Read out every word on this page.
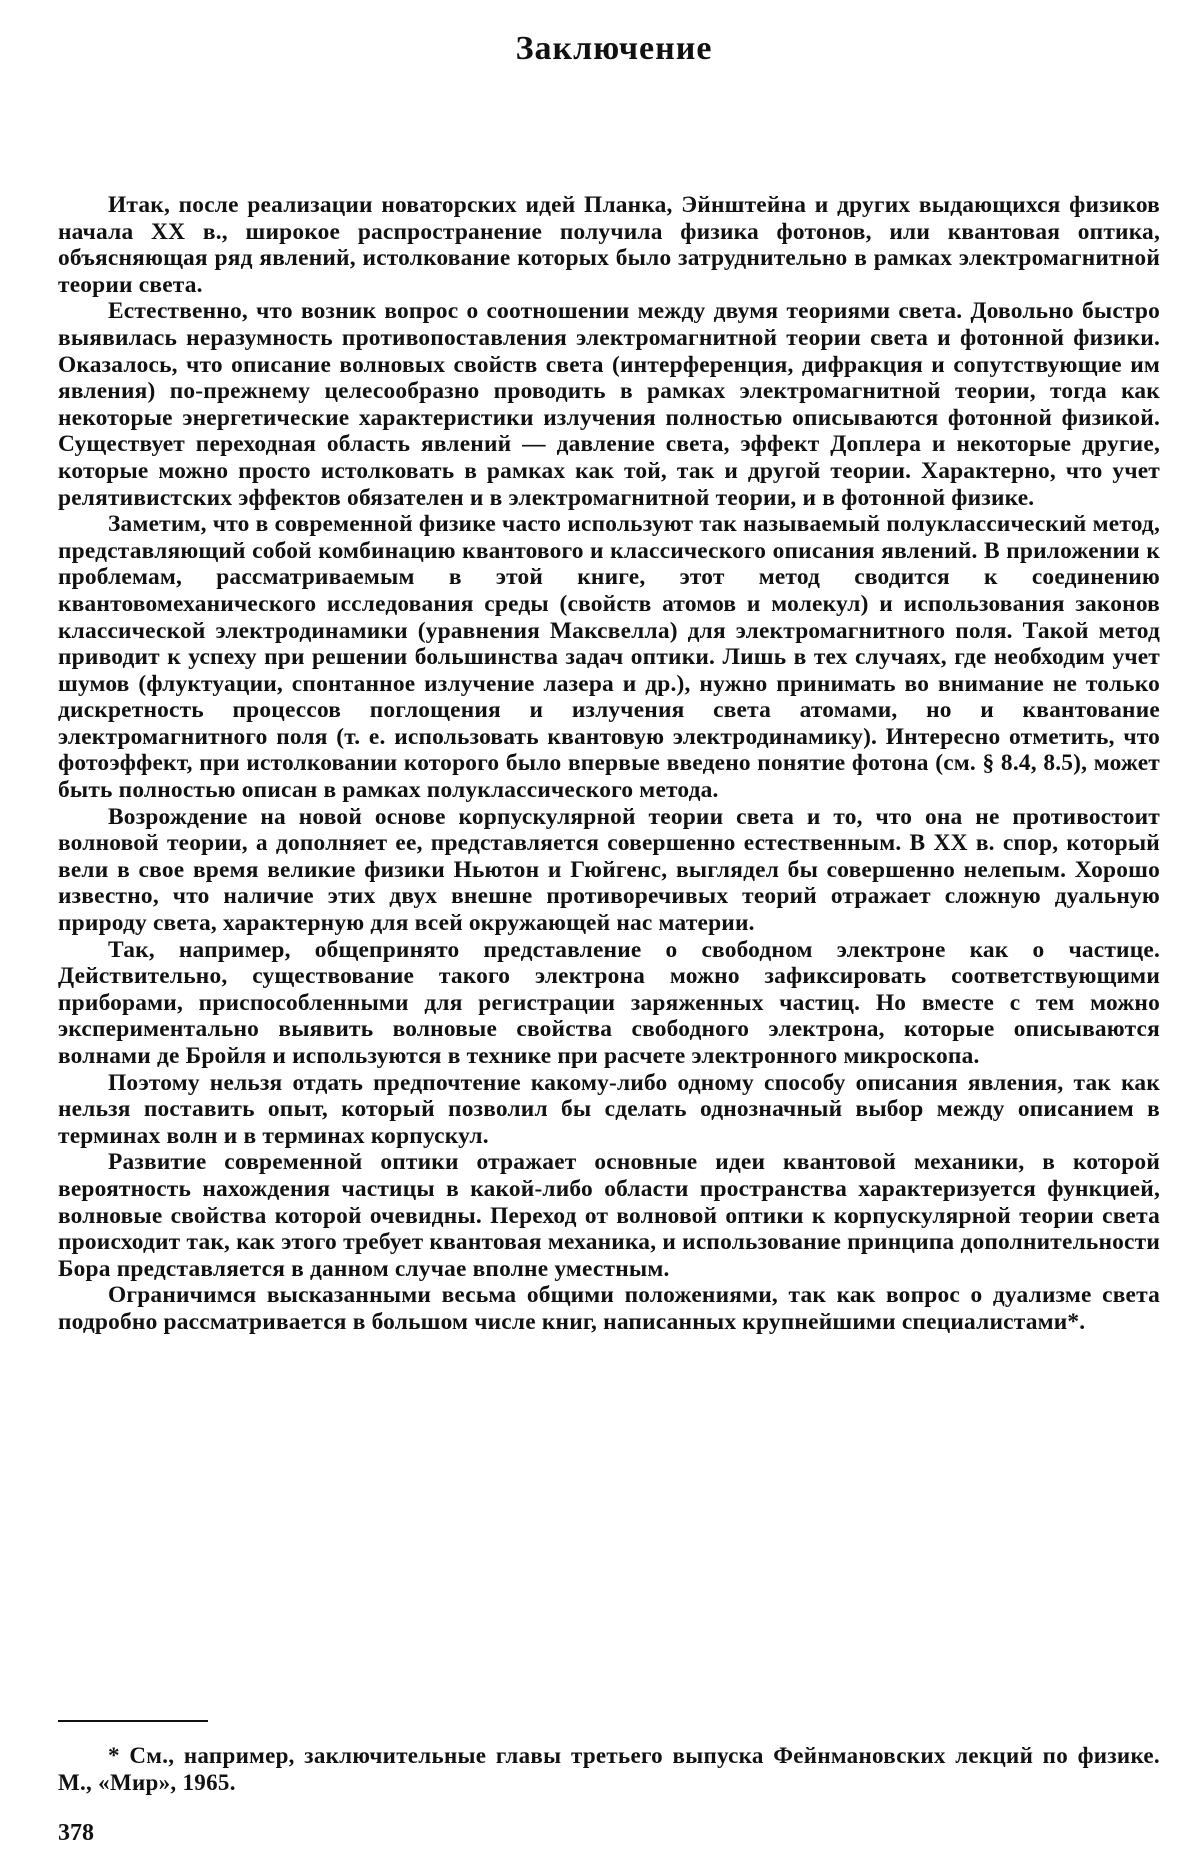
Заключение

Итак, после реализации новаторских идей Планка, Эйнштейна и других выдающихся физиков начала XX в., широкое распространение получила физика фотонов, или квантовая оптика, объясняющая ряд явлений, истолкование которых было затруднительно в рамках электромагнитной теории света.

Естественно, что возник вопрос о соотношении между двумя теориями света. Довольно быстро выявилась неразумность противопоставления электромагнитной теории света и фотонной физики. Оказалось, что описание волновых свойств света (интерференция, дифракция и сопутствующие им явления) по-прежнему целесообразно проводить в рамках электромагнитной теории, тогда как некоторые энергетические характеристики излучения полностью описываются фотонной физикой. Существует переходная область явлений — давление света, эффект Доплера и некоторые другие, которые можно просто истолковать в рамках как той, так и другой теории. Характерно, что учет релятивистских эффектов обязателен и в электромагнитной теории, и в фотонной физике.

Заметим, что в современной физике часто используют так называемый полуклассический метод, представляющий собой комбинацию квантового и классического описания явлений. В приложении к проблемам, рассматриваемым в этой книге, этот метод сводится к соединению квантовомеханического исследования среды (свойств атомов и молекул) и использования законов классической электродинамики (уравнения Максвелла) для электромагнитного поля. Такой метод приводит к успеху при решении большинства задач оптики. Лишь в тех случаях, где необходим учет шумов (флуктуации, спонтанное излучение лазера и др.), нужно принимать во внимание не только дискретность процессов поглощения и излучения света атомами, но и квантование электромагнитного поля (т. е. использовать квантовую электродинамику). Интересно отметить, что фотоэффект, при истолковании которого было впервые введено понятие фотона (см. § 8.4, 8.5), может быть полностью описан в рамках полуклассического метода.

Возрождение на новой основе корпускулярной теории света и то, что она не противостоит волновой теории, а дополняет ее, представляется совершенно естественным. В XX в. спор, который вели в свое время великие физики Ньютон и Гюйгенс, выглядел бы совершенно нелепым. Хорошо известно, что наличие этих двух внешне противоречивых теорий отражает сложную дуальную природу света, характерную для всей окружающей нас материи.

Так, например, общепринято представление о свободном электроне как о частице. Действительно, существование такого электрона можно зафиксировать соответствующими приборами, приспособленными для регистрации заряженных частиц. Но вместе с тем можно экспериментально выявить волновые свойства свободного электрона, которые описываются волнами де Бройля и используются в технике при расчете электронного микроскопа.

Поэтому нельзя отдать предпочтение какому-либо одному способу описания явления, так как нельзя поставить опыт, который позволил бы сделать однозначный выбор между описанием в терминах волн и в терминах корпускул.

Развитие современной оптики отражает основные идеи квантовой механики, в которой вероятность нахождения частицы в какой-либо области пространства характеризуется функцией, волновые свойства которой очевидны. Переход от волновой оптики к корпускулярной теории света происходит так, как этого требует квантовая механика, и использование принципа дополнительности Бора представляется в данном случае вполне уместным.

Ограничимся высказанными весьма общими положениями, так как вопрос о дуализме света подробно рассматривается в большом числе книг, написанных крупнейшими специалистами*.

* См., например, заключительные главы третьего выпуска Фейнмановских лекций по физике. М., «Мир», 1965.

378
